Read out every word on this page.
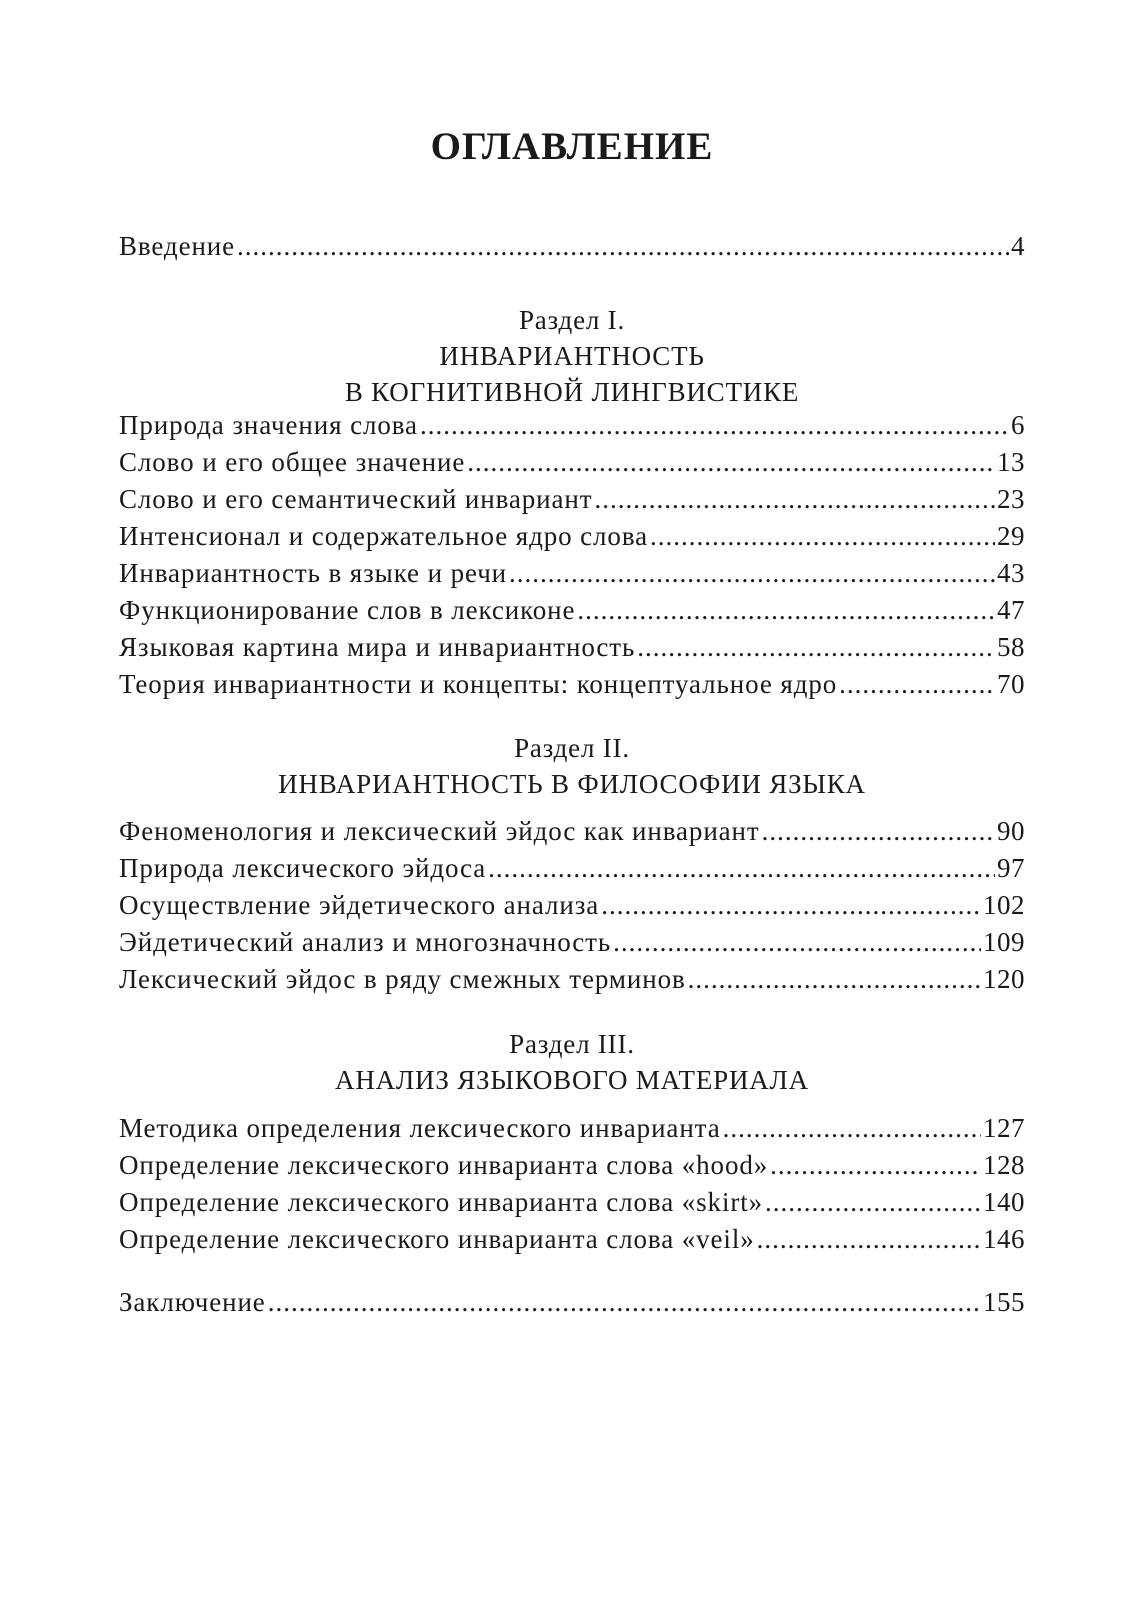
ОГЛАВЛЕНИЕ
Введение .....	4
Раздел I.
ИНВАРИАНТНОСТЬ
В КОГНИТИВНОЙ ЛИНГВИСТИКЕ
Природа значения слова .....	6
Слово и его общее значение .....	13
Слово и его семантический инвариант .....	23
Интенсионал и содержательное ядро слова .....	29
Инвариантность в языке и речи .....	43
Функционирование слов в лексиконе .....	47
Языковая картина мира и инвариантность .....	58
Теория инвариантности и концепты: концептуальное ядро .....	70
Раздел II.
ИНВАРИАНТНОСТЬ В ФИЛОСОФИИ ЯЗЫКА
Феноменология и лексический эйдос как инвариант .....	90
Природа лексического эйдоса .....	97
Осуществление эйдетического анализа .....	102
Эйдетический анализ и многозначность .....	109
Лексический эйдос в ряду смежных терминов .....	120
Раздел III.
АНАЛИЗ ЯЗЫКОВОГО МАТЕРИАЛА
Методика определения лексического инварианта .....	127
Определение лексического инварианта слова «hood» .....	128
Определение лексического инварианта слова «skirt» .....	140
Определение лексического инварианта слова «veil» .....	146
Заключение .....	155
